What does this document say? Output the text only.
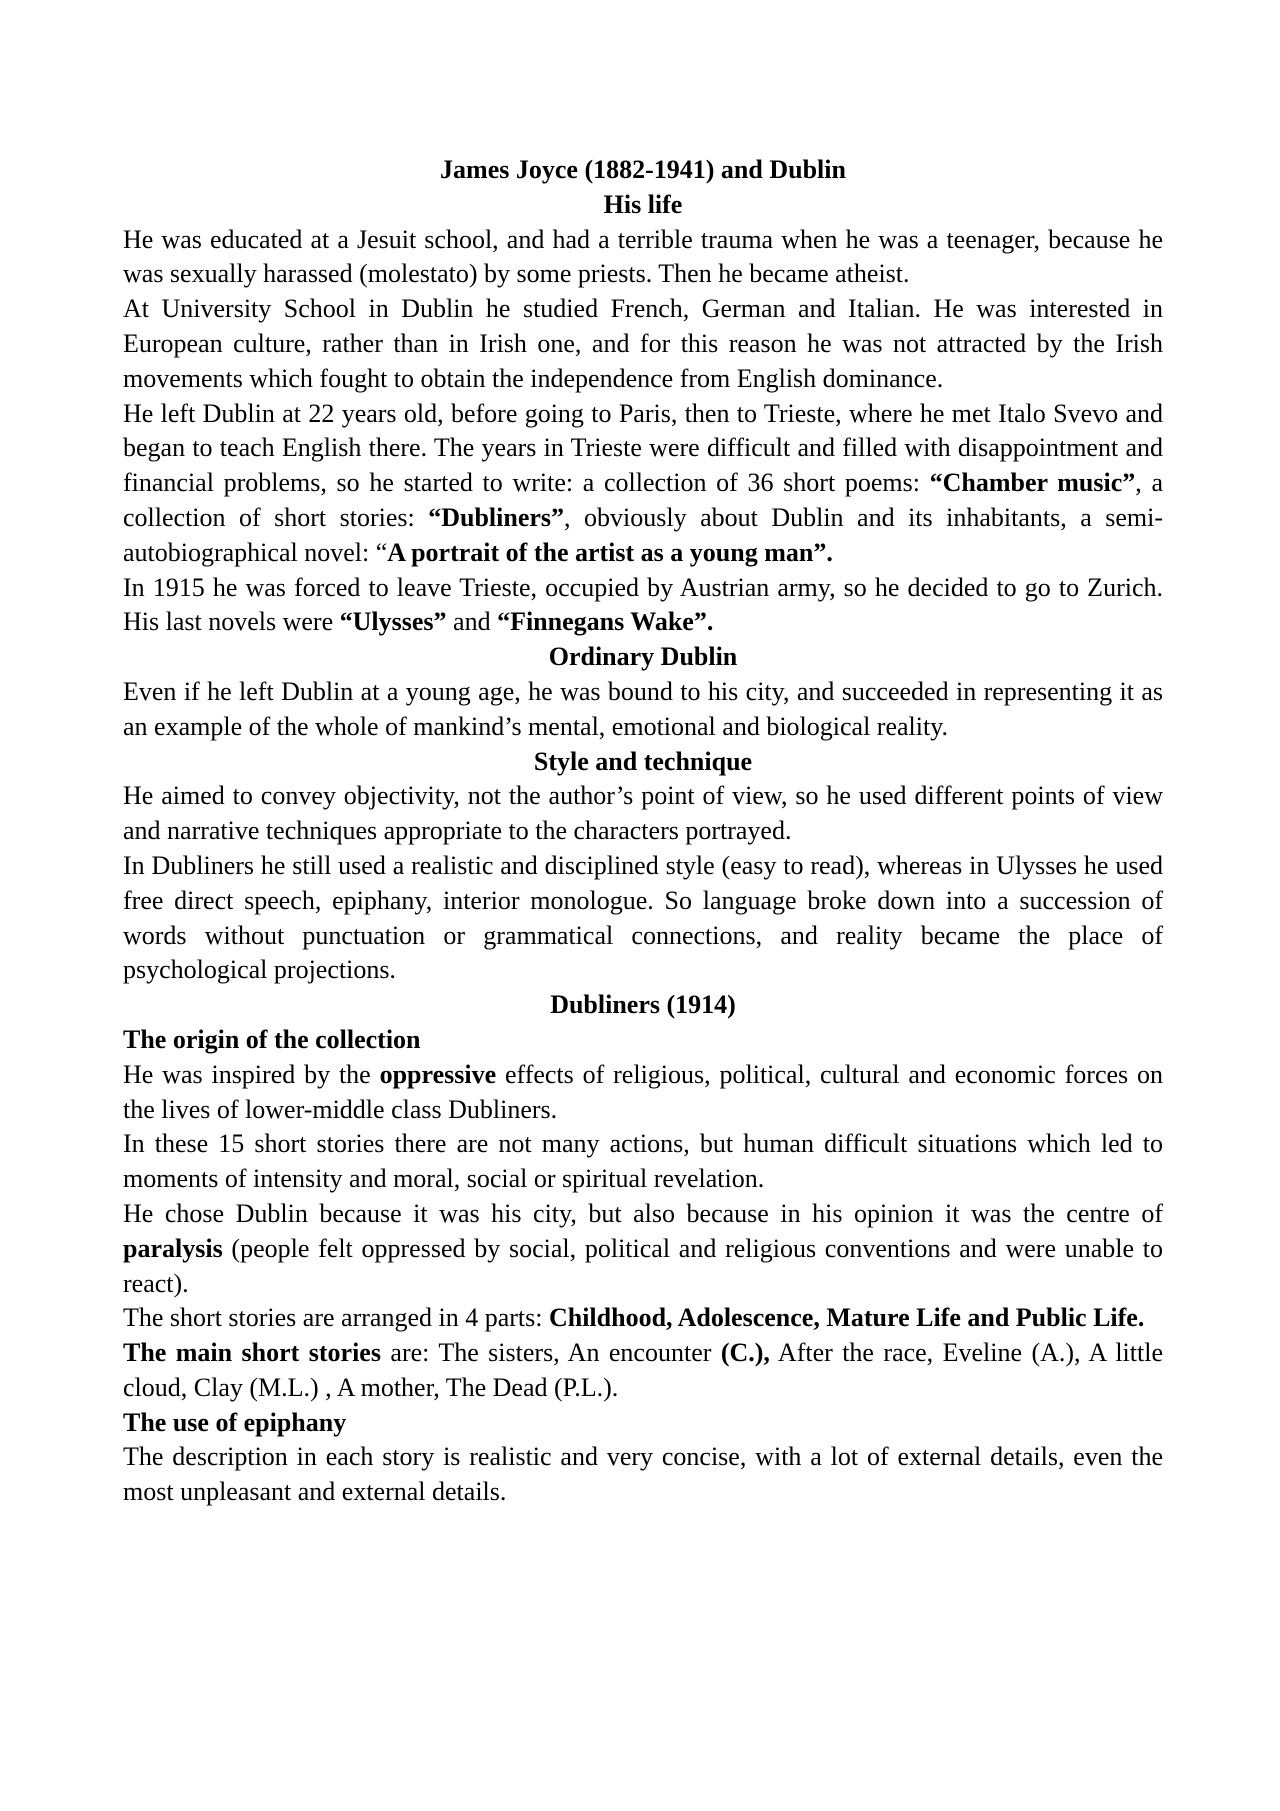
James Joyce (1882-1941) and Dublin
His life

He was educated at a Jesuit school, and had a terrible trauma when he was a teenager, because he was sexually harassed (molestato) by some priests. Then he became atheist.

At University School in Dublin he studied French, German and Italian. He was interested in European culture, rather than in Irish one, and for this reason he was not attracted by the Irish movements which fought to obtain the independence from English dominance.

He left Dublin at 22 years old, before going to Paris, then to Trieste, where he met Italo Svevo and began to teach English there. The years in Trieste were difficult and filled with disappointment and financial problems, so he started to write: a collection of 36 short poems: “Chamber music”, a collection of short stories: “Dubliners”, obviously about Dublin and its inhabitants, a semi-autobiographical novel: “A portrait of the artist as a young man”.

In 1915 he was forced to leave Trieste, occupied by Austrian army, so he decided to go to Zurich. His last novels were “Ulysses” and “Finnegans Wake”.

Ordinary Dublin

Even if he left Dublin at a young age, he was bound to his city, and succeeded in representing it as an example of the whole of mankind’s mental, emotional and biological reality.

Style and technique

He aimed to convey objectivity, not the author’s point of view, so he used different points of view and narrative techniques appropriate to the characters portrayed.

In Dubliners he still used a realistic and disciplined style (easy to read), whereas in Ulysses he used free direct speech, epiphany, interior monologue. So language broke down into a succession of words without punctuation or grammatical connections, and reality became the place of psychological projections.

Dubliners (1914)
The origin of the collection

He was inspired by the oppressive effects of religious, political, cultural and economic forces on the lives of lower-middle class Dubliners.

In these 15 short stories there are not many actions, but human difficult situations which led to moments of intensity and moral, social or spiritual revelation.

He chose Dublin because it was his city, but also because in his opinion it was the centre of paralysis (people felt oppressed by social, political and religious conventions and were unable to react).

The short stories are arranged in 4 parts: Childhood, Adolescence, Mature Life and Public Life.

The main short stories are: The sisters, An encounter (C.), After the race, Eveline (A.), A little cloud, Clay (M.L.) , A mother, The Dead (P.L.).

The use of epiphany

The description in each story is realistic and very concise, with a lot of external details, even the most unpleasant and external details.
